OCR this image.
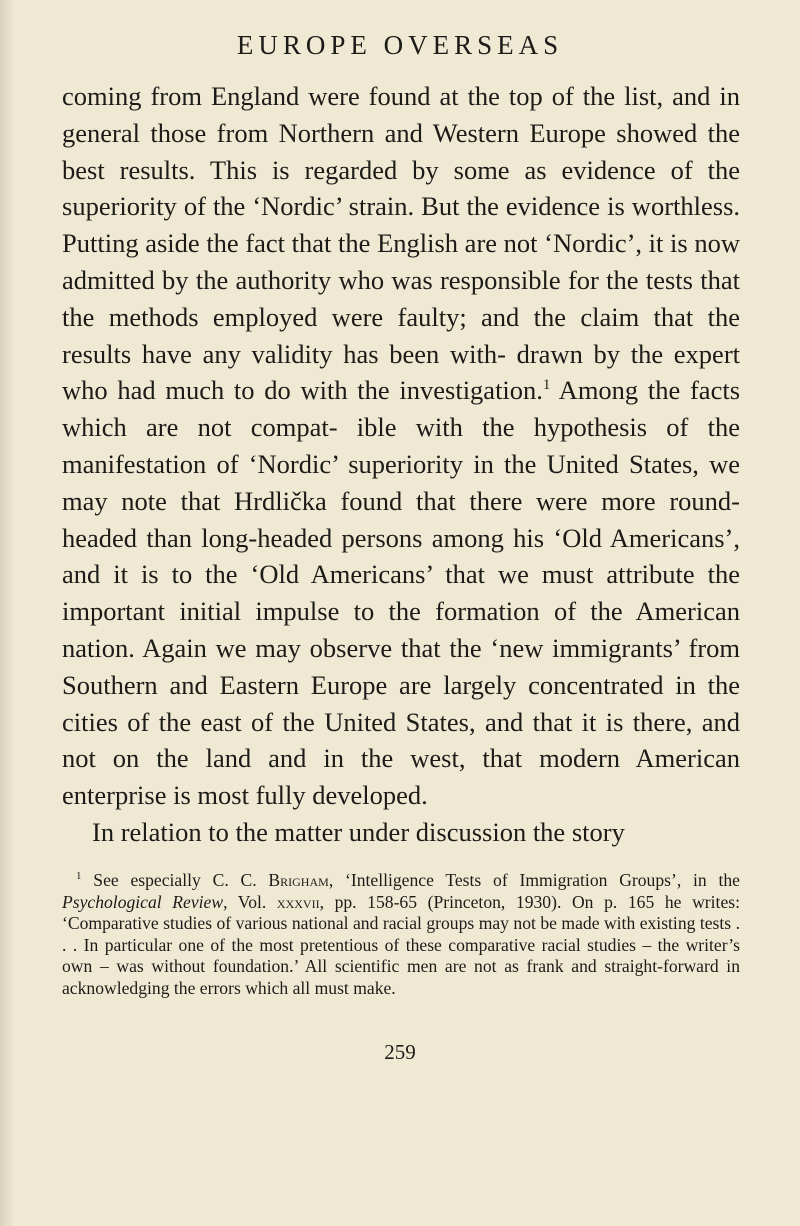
EUROPE OVERSEAS

coming from England were found at the top of the list, and in general those from Northern and Western Europe showed the best results. This is regarded by some as evidence of the superiority of the ‘Nordic’ strain. But the evidence is worthless. Putting aside the fact that the English are not ‘Nordic’, it is now admitted by the authority who was responsible for the tests that the methods employed were faulty; and the claim that the results have any validity has been with- drawn by the expert who had much to do with the investigation.$^1$ Among the facts which are not compat- ible with the hypothesis of the manifestation of ‘Nordic’ superiority in the United States, we may note that Hrdlička found that there were more round-headed than long-headed persons among his ‘Old Americans’, and it is to the ‘Old Americans’ that we must attribute the important initial impulse to the formation of the American nation. Again we may observe that the ‘new immigrants’ from Southern and Eastern Europe are largely concentrated in the cities of the east of the United States, and that it is there, and not on the land and in the west, that modern American enterprise is most fully developed.

In relation to the matter under discussion the story

$^1$ See especially C. C. Brigham, ‘Intelligence Tests of Immigration Groups’, in the Psychological Review, Vol. xxxvii, pp. 158-65 (Princeton, 1930). On p. 165 he writes: ‘Comparative studies of various national and racial groups may not be made with existing tests . . . In particular one of the most pretentious of these comparative racial studies – the writer’s own – was without foundation.’ All scientific men are not as frank and straight-forward in acknowledging the errors which all must make.
259
